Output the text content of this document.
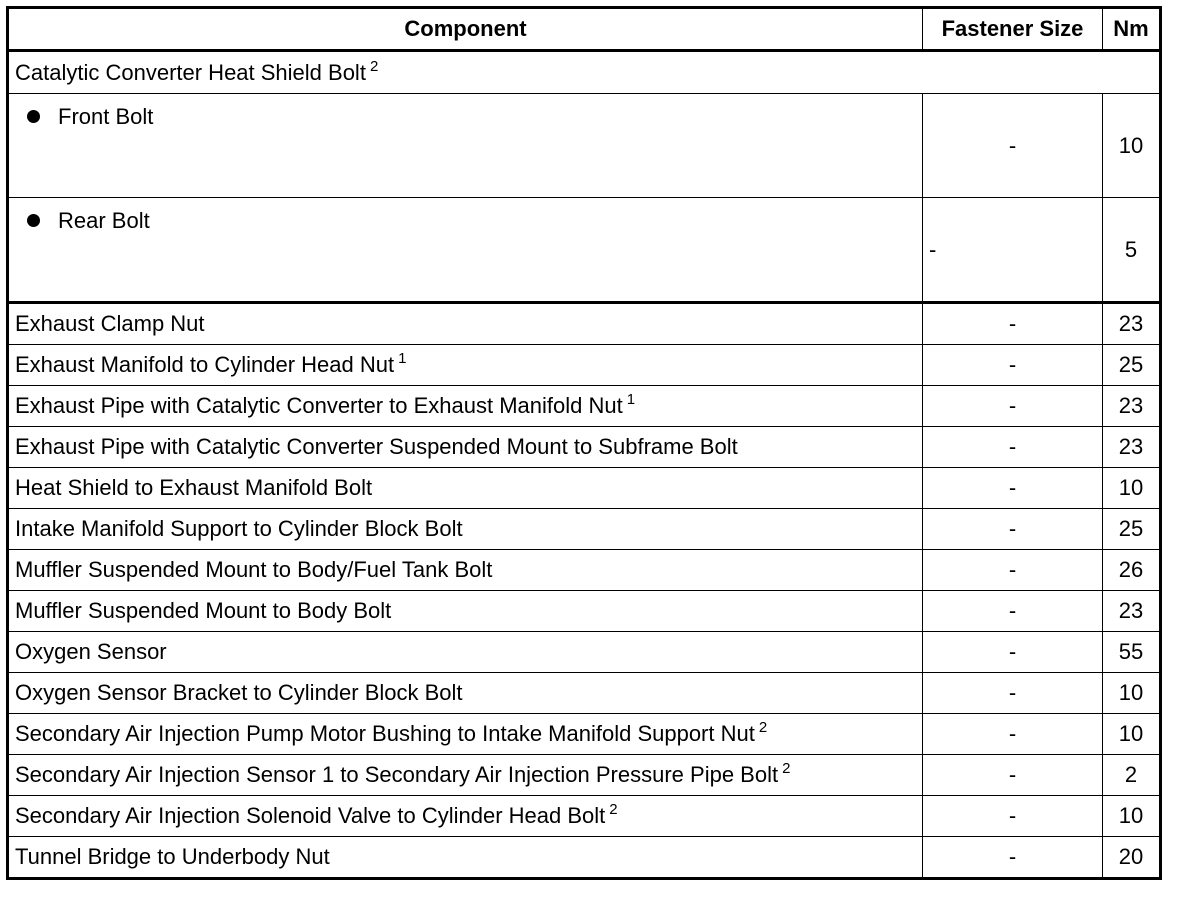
Component	Fastener Size	Nm
Catalytic Converter Heat Shield Bolt $^2$
Front Bolt	-	10
Rear Bolt	-	5
Exhaust Clamp Nut	-	23
Exhaust Manifold to Cylinder Head Nut $^1$	-	25
Exhaust Pipe with Catalytic Converter to Exhaust Manifold Nut $^1$	-	23
Exhaust Pipe with Catalytic Converter Suspended Mount to Subframe Bolt	-	23
Heat Shield to Exhaust Manifold Bolt	-	10
Intake Manifold Support to Cylinder Block Bolt	-	25
Muffler Suspended Mount to Body/Fuel Tank Bolt	-	26
Muffler Suspended Mount to Body Bolt	-	23
Oxygen Sensor	-	55
Oxygen Sensor Bracket to Cylinder Block Bolt	-	10
Secondary Air Injection Pump Motor Bushing to Intake Manifold Support Nut $^2$	-	10
Secondary Air Injection Sensor 1 to Secondary Air Injection Pressure Pipe Bolt $^2$	-	2
Secondary Air Injection Solenoid Valve to Cylinder Head Bolt $^2$	-	10
Tunnel Bridge to Underbody Nut	-	20
